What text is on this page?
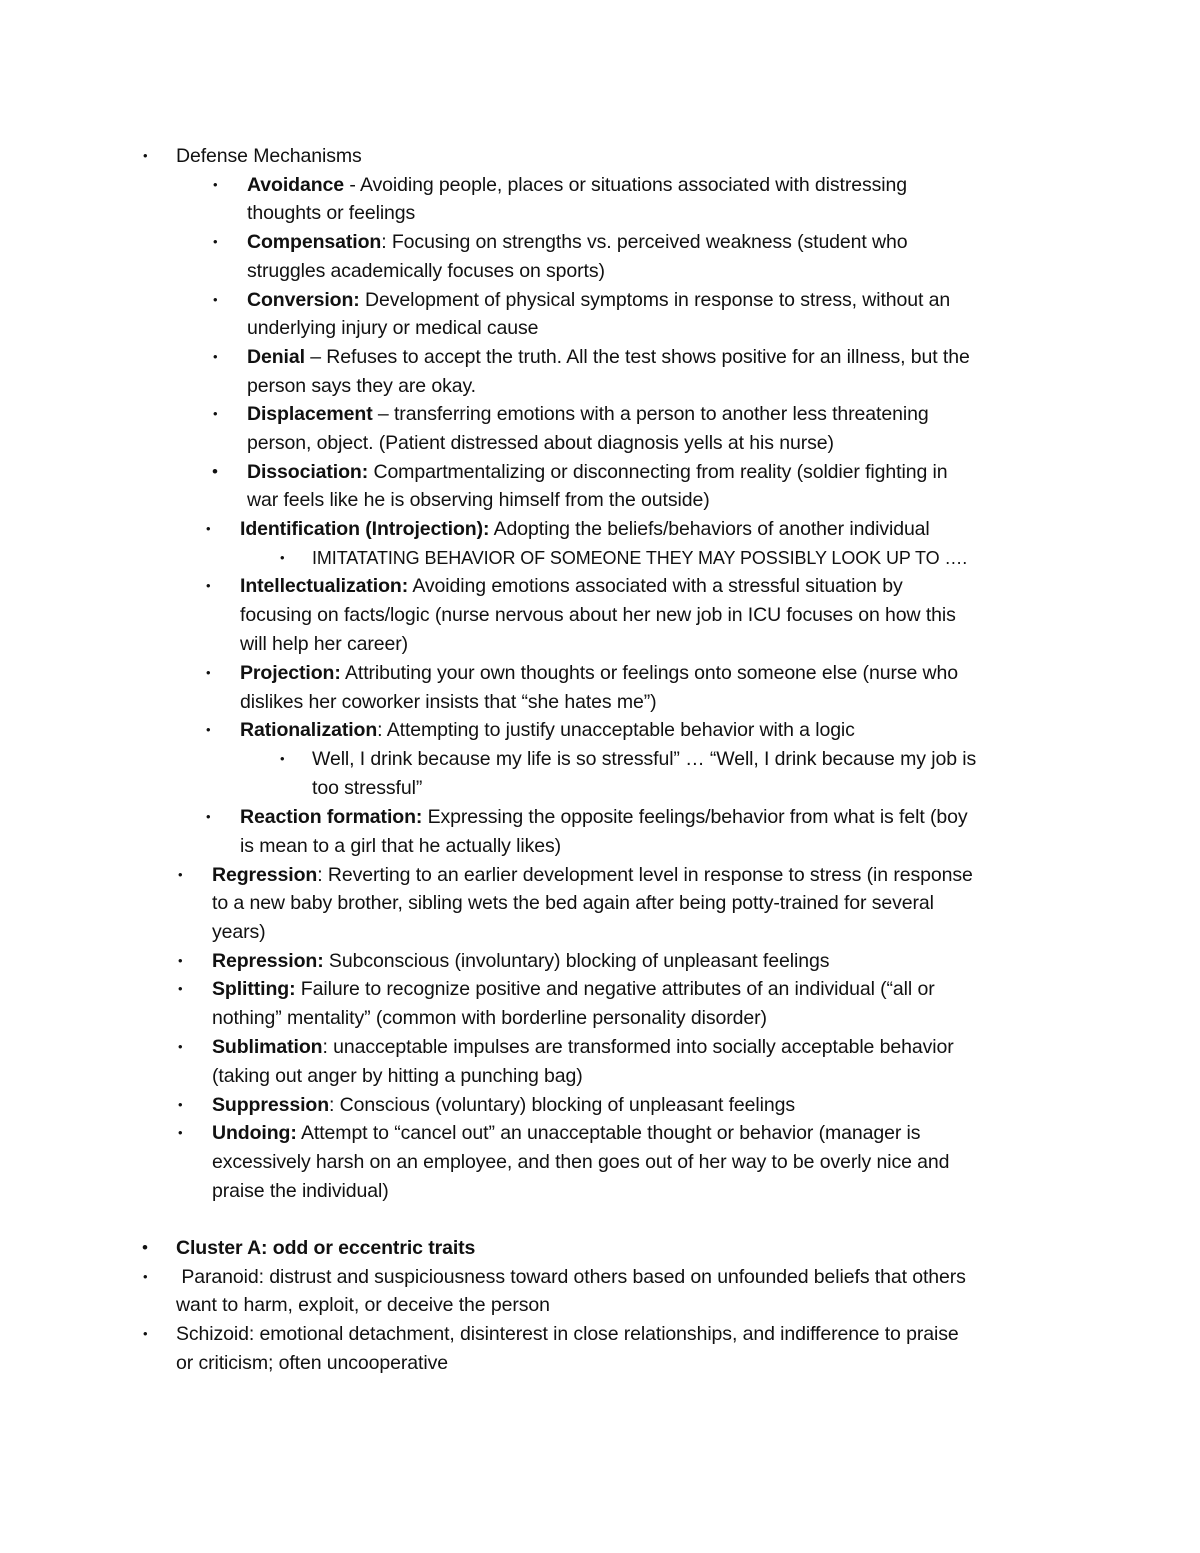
• Defense Mechanisms
• Avoidance - Avoiding people, places or situations associated with distressing
thoughts or feelings
• Compensation: Focusing on strengths vs. perceived weakness (student who
struggles academically focuses on sports)
• Conversion: Development of physical symptoms in response to stress, without an
underlying injury or medical cause
• Denial – Refuses to accept the truth. All the test shows positive for an illness, but the
person says they are okay.
• Displacement – transferring emotions with a person to another less threatening
person, object. (Patient distressed about diagnosis yells at his nurse)
• Dissociation: Compartmentalizing or disconnecting from reality (soldier fighting in
war feels like he is observing himself from the outside)
• Identification (Introjection): Adopting the beliefs/behaviors of another individual
• IMITATATING BEHAVIOR OF SOMEONE THEY MAY POSSIBLY LOOK UP TO ….
• Intellectualization: Avoiding emotions associated with a stressful situation by
focusing on facts/logic (nurse nervous about her new job in ICU focuses on how this
will help her career)
• Projection: Attributing your own thoughts or feelings onto someone else (nurse who
dislikes her coworker insists that “she hates me”)
• Rationalization: Attempting to justify unacceptable behavior with a logic
• Well, I drink because my life is so stressful” … “Well, I drink because my job is
too stressful”
• Reaction formation: Expressing the opposite feelings/behavior from what is felt (boy
is mean to a girl that he actually likes)
• Regression: Reverting to an earlier development level in response to stress (in response
to a new baby brother, sibling wets the bed again after being potty-trained for several
years)
• Repression: Subconscious (involuntary) blocking of unpleasant feelings
• Splitting: Failure to recognize positive and negative attributes of an individual (“all or
nothing” mentality” (common with borderline personality disorder)
• Sublimation: unacceptable impulses are transformed into socially acceptable behavior
(taking out anger by hitting a punching bag)
• Suppression: Conscious (voluntary) blocking of unpleasant feelings
• Undoing: Attempt to “cancel out” an unacceptable thought or behavior (manager is
excessively harsh on an employee, and then goes out of her way to be overly nice and
praise the individual)
• Cluster A: odd or eccentric traits
• Paranoid: distrust and suspiciousness toward others based on unfounded beliefs that others
want to harm, exploit, or deceive the person
• Schizoid: emotional detachment, disinterest in close relationships, and indifference to praise
or criticism; often uncooperative
